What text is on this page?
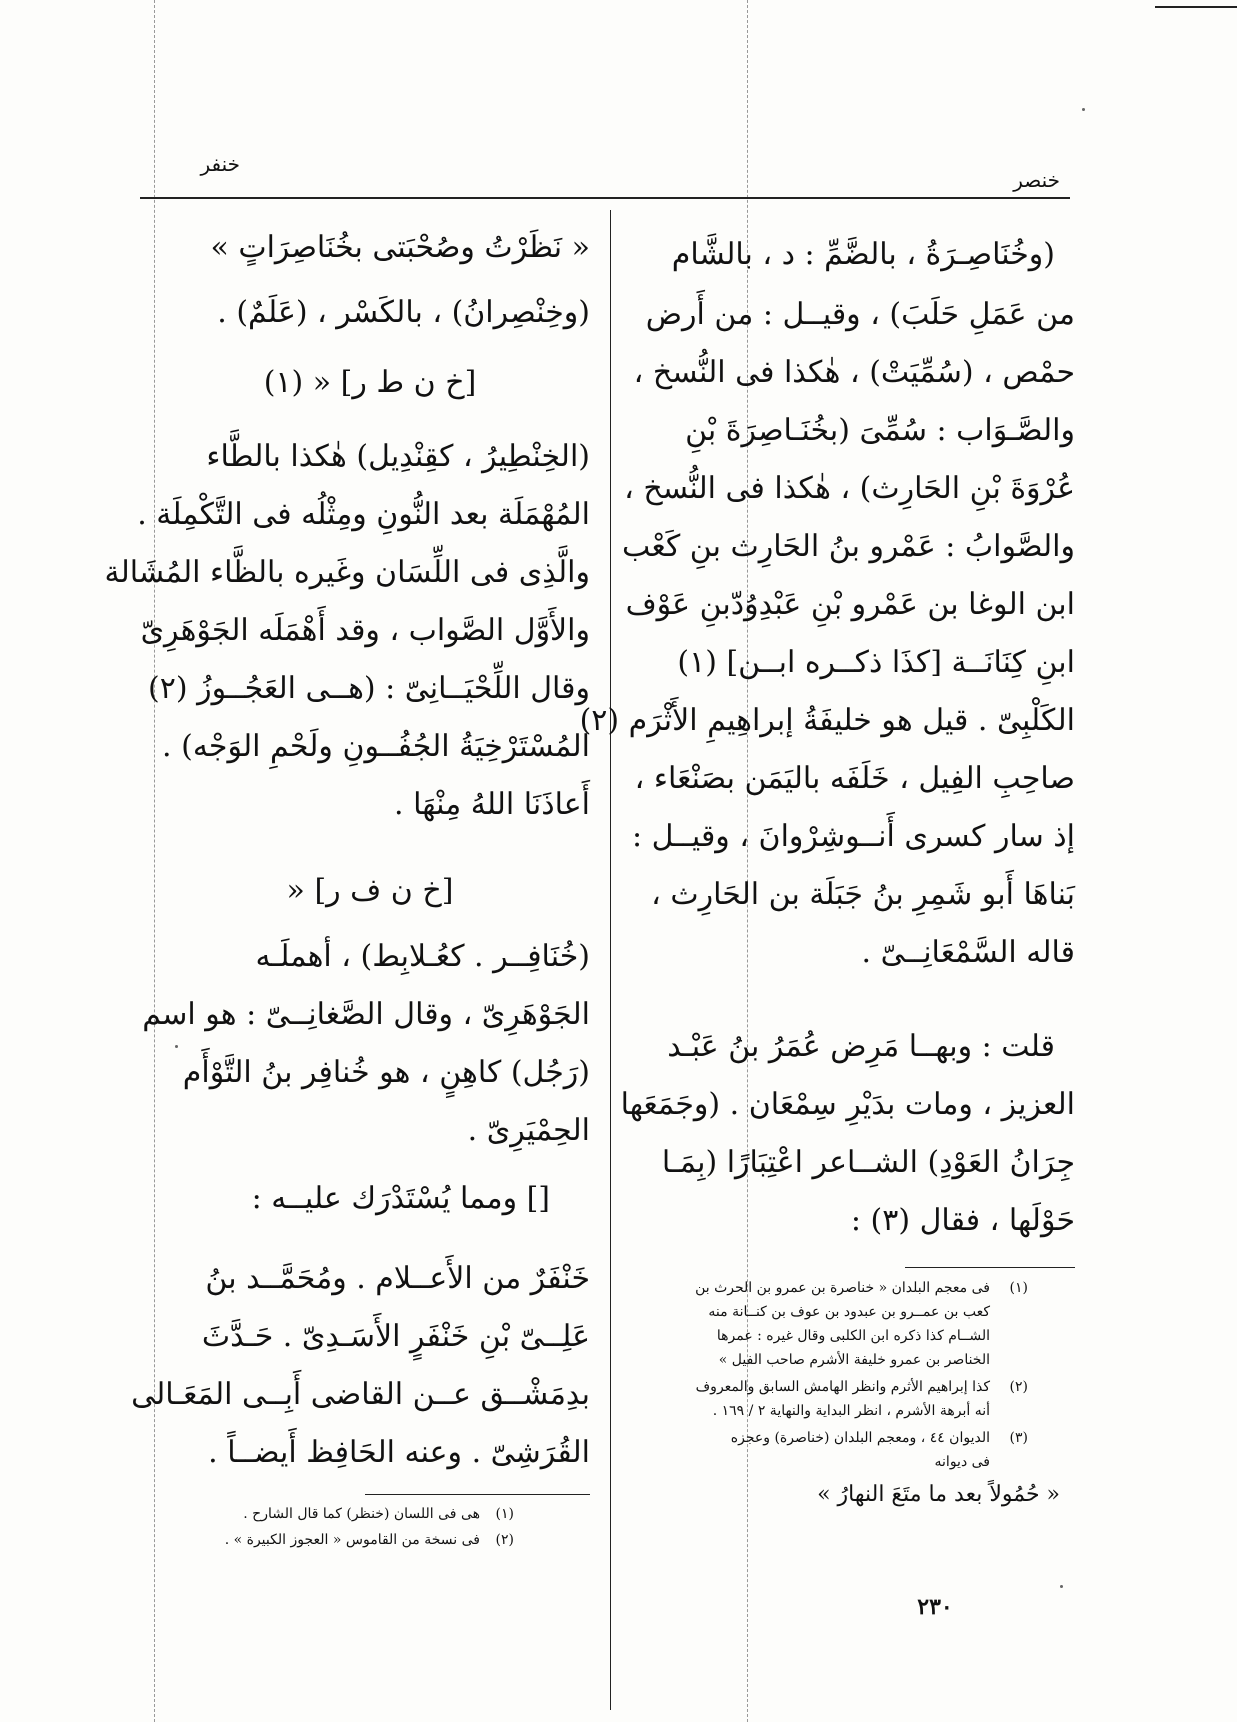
خنصر
خنفر
(وخُنَاصِـرَةُ ، بالضَّمِّ : د ، بالشَّام
من عَمَلِ حَلَبَ) ، وقيــل : من أَرض
حمْص ، (سُمِّيَتْ) ، هٰكذا فى النُّسخ ،
والصَّـوَاب : سُمِّىَ (بخُنَـاصِرَةَ بْنِ
عُرْوَةَ بْنِ الحَارِث) ، هٰكذا فى النُّسخ ،
والصَّوابُ : عَمْرو بنُ الحَارِث بنِ كَعْب
ابن الوغا بن عَمْرو بْنِ عَبْدِوُدّبنِ عَوْف
ابنِ كِنَانَــة [كذَا ذكــره ابــن] (١)
الكَلْبِىّ . قيل هو خليفَةُ إبراهِيمِ الأَثْرَم (٢)
صاحِبِ الفِيل ، خَلَفَه باليَمَن بصَنْعَاء ،
إذ سار كسرى أَنــوشِرْوانَ ، وقيــل :
بَناهَا أَبو شَمِرِ بنُ جَبَلَة بن الحَارِث ،
قاله السَّمْعَانِــىّ .
قلت : وبهــا مَرِض عُمَرُ بنُ عَبْـد
العزيز ، ومات بدَيْرِ سِمْعَان . (وجَمَعَها
جِرَانُ العَوْدِ) الشــاعر اعْتِبَارًا (بِمَـا
حَوْلَها ، فقال (٣) :
(١)
فى معجم البلدان « خناصرة بن عمرو بن الحرث بن
كعب بن عمــرو بن عبدود بن عوف بن كنــانة منه
الشــام كذا ذكره ابن الكلبى وقال غيره : عمرها
الخناصر بن عمرو خليفة الأشرم صاحب الفيل »
(٢)
كذا إبراهيم الأثرم وانظر الهامش السابق والمعروف
أنه أبرهة الأشرم ، انظر البداية والنهاية ٢ / ١٦٩ .
(٣)
الديوان ٤٤ ، ومعجم البلدان (خناصرة) وعجزه
فى ديوانه
« حُمُولاً بعد ما متَعَ النهارُ »
« نَظَرْتُ وصُحْبَتى بخُنَاصِرَاتٍ »
(وخِنْصِرانُ) ، بالكَسْر ، (عَلَمٌ) .
[خ ن ط ر] « (١)
(الخِنْطِيرُ ، كقِنْدِيل) هٰكذا بالطَّاء
المُهْمَلَة بعد النُّونِ ومِثْلُه فى التَّكْمِلَة .
والَّذِى فى اللِّسَان وغَيره بالظَّاء المُشَالة
والأَوَّل الصَّواب ، وقد أَهْمَلَه الجَوْهَرِىّ
وقال اللِّحْيَــانِىّ : (هــى العَجُــوزُ (٢)
المُسْتَرْخِيَةُ الجُفُــونِ ولَحْمِ الوَجْه) .
أَعاذَنَا اللهُ مِنْهَا .
[خ ن ف ر] «
(خُنَافِــر . كعُـلابِط) ، أهملَـه
الجَوْهَرِىّ ، وقال الصَّغانِــىّ : هو اسم
(رَجُل) كاهِنٍ ، هو خُنافِر بنُ التَّوْأَم
الحِمْيَرِىّ .
[] ومما يُسْتَدْرَك عليــه :
خَنْفَرٌ من الأَعــلام . ومُحَمَّــد بنُ
عَلِــىّ بْنِ خَنْفَرٍ الأَسَـدِىّ . حَـدَّثَ
بدِمَشْــق عــن القاضى أَبِــى المَعَـالى
القُرَشِىّ . وعنه الحَافِظ أَيضــاً .
(١)
هى فى اللسان (خنظر) كما قال الشارح .
(٢)
فى نسخة من القاموس « العجوز الكبيرة » .
٢٣٠
